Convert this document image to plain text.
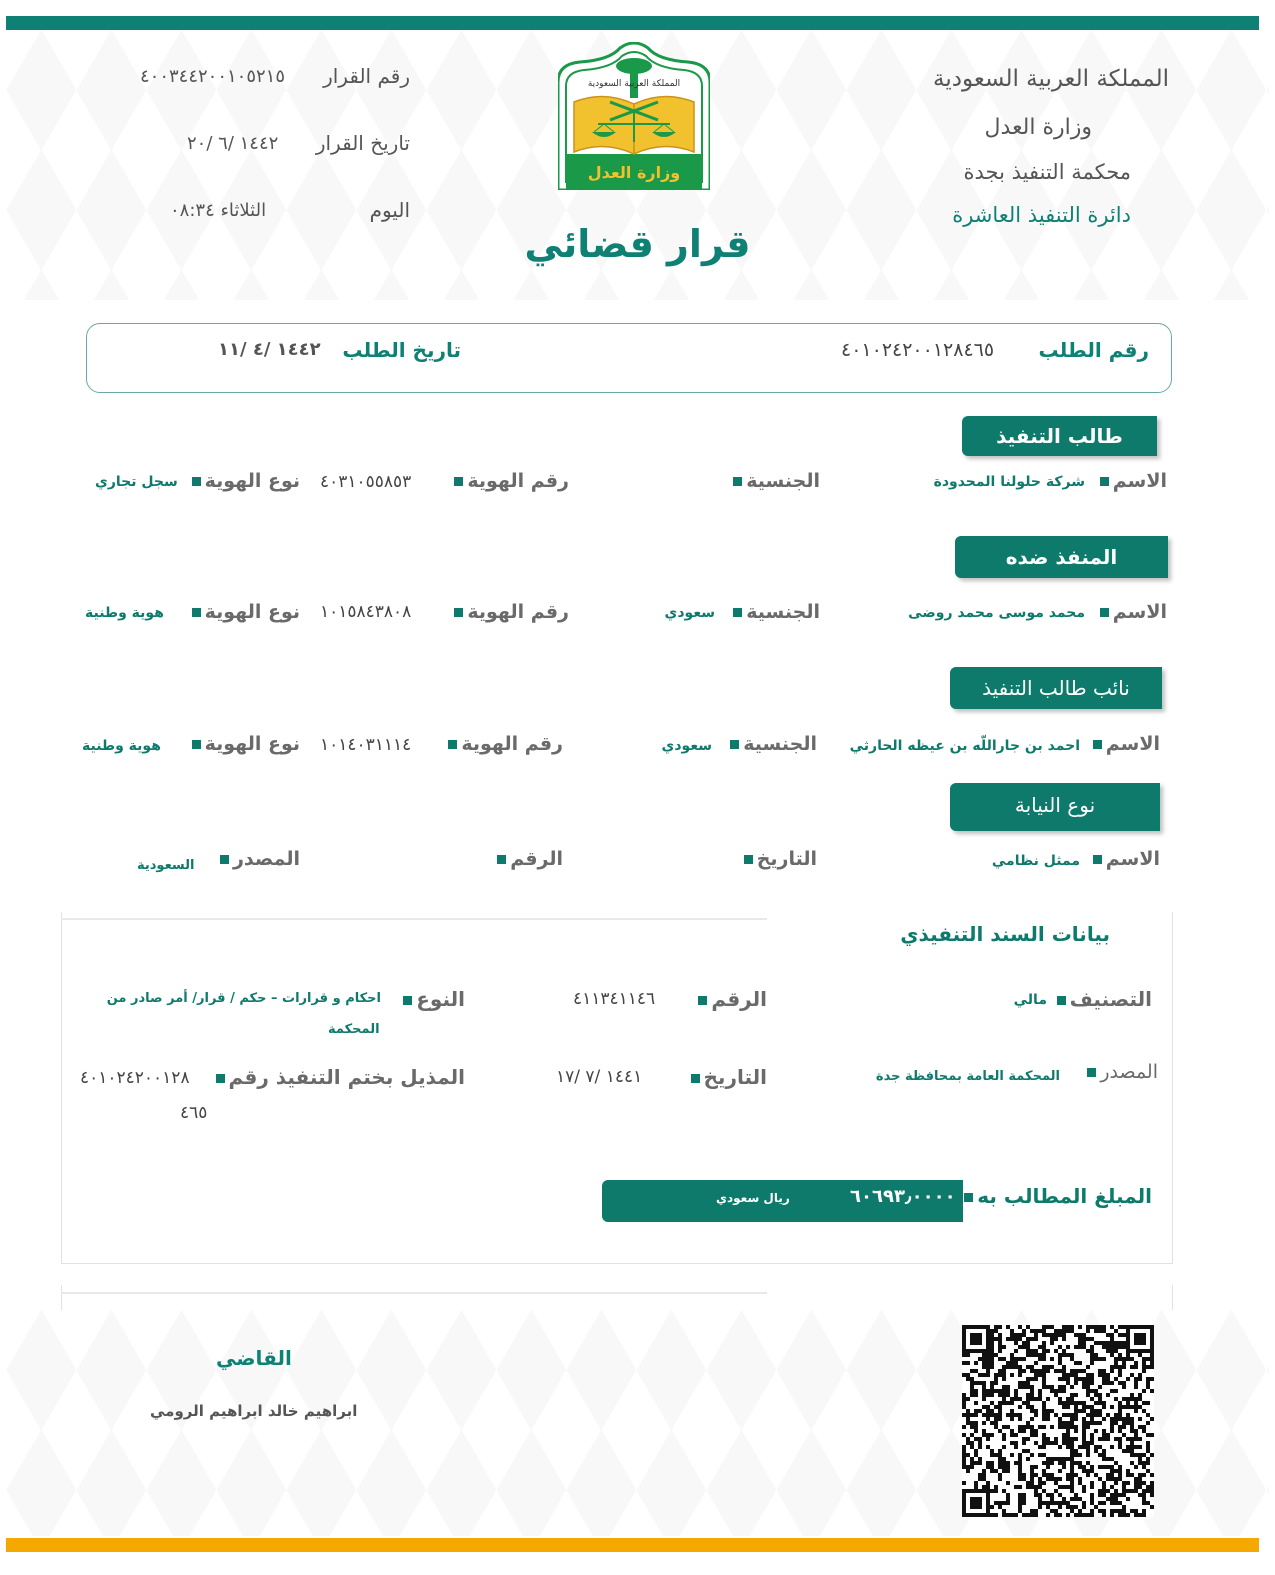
المملكة العربية السعودية
وزارة العدل
محكمة التنفيذ بجدة
دائرة التنفيذ العاشرة
رقم القرار
٤٠٠٣٤٤٢٠٠١٠٥٢١٥
تاريخ القرار
١٤٤٢ /٦ /٢٠
اليوم
الثلاثاء ٠٨:٣٤
المملكة العربية السعودية
وزارة العدل
قرار قضائي
رقم الطلب
٤٠١٠٢٤٢٠٠١٢٨٤٦٥
تاريخ الطلب
١٤٤٢ /٤ /١١
طالب التنفيذ
الاسم
شركة حلولنا المحدودة
الجنسية
رقم الهوية
٤٠٣١٠٥٥٨٥٣
نوع الهوية
سجل تجاري
المنفذ ضده
الاسم
محمد موسى محمد روضى
الجنسية
سعودي
رقم الهوية
١٠١٥٨٤٣٨٠٨
نوع الهوية
هوية وطنية
نائب طالب التنفيذ
الاسم
احمد بن جاراللّه بن عيظه الحارثي
الجنسية
سعودي
رقم الهوية
١٠١٤٠٣١١١٤
نوع الهوية
هوية وطنية
نوع النيابة
الاسم
ممثل نظامي
التاريخ
الرقم
المصدر
السعودية
بيانات السند التنفيذي
التصنيف
مالي
الرقم
٤١١٣٤١١٤٦
النوع
احكام و قرارات – حكم / قرار/ أمر صادر من
المحكمة
المصدر
المحكمة العامة بمحافظة جدة
التاريخ
١٤٤١ /٧ /١٧
المذيل بختم التنفيذ رقم
٤٠١٠٢٤٢٠٠١٢٨
٤٦٥
المبلغ المطالب به
٦٠٦٩٣٫٠٠٠٠
ريال سعودي
القاضي
ابراهيم خالد ابراهيم الرومي
